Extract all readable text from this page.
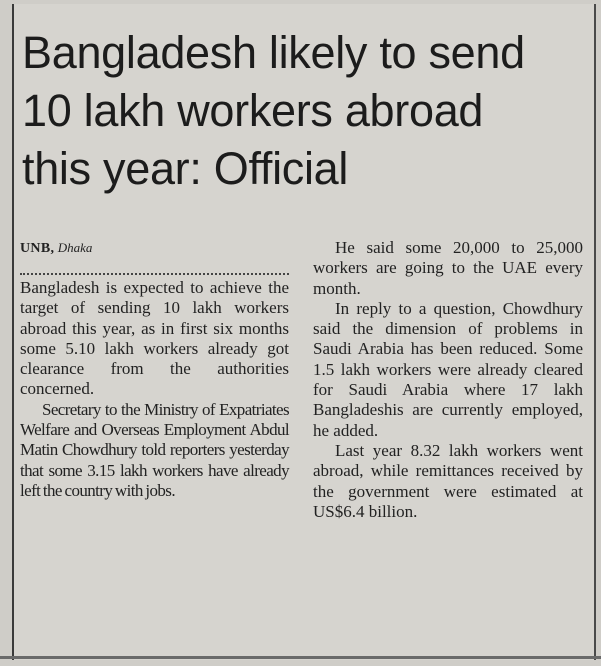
Bangladesh likely to send
10 lakh workers abroad
this year: Official

UNB, Dhaka

Bangladesh is expected to achieve the target of sending 10 lakh workers abroad this year, as in first six months some 5.10 lakh workers already got clearance from the authorities concerned.

Secretary to the Ministry of Expatriates Welfare and Overseas Employment Abdul Matin Chowdhury told reporters yesterday that some 3.15 lakh workers have already left the country with jobs.

He said some 20,000 to 25,000 workers are going to the UAE every month.

In reply to a question, Chowdhury said the dimension of problems in Saudi Arabia has been reduced. Some 1.5 lakh workers were already cleared for Saudi Arabia where 17 lakh Bangladeshis are currently employed, he added.

Last year 8.32 lakh workers went abroad, while remittances received by the government were estimated at US$6.4 billion.
